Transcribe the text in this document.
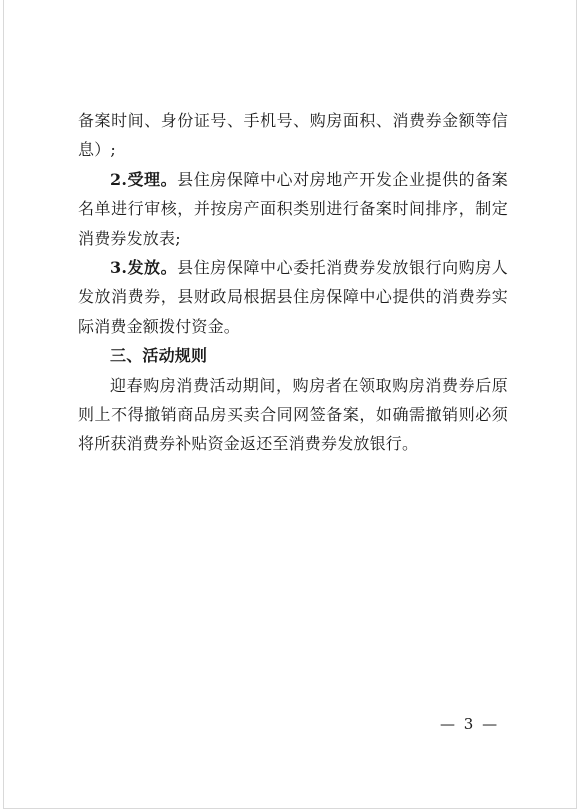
备案时间、身份证号、手机号、购房面积、消费券金额等信息）;

2.受理。县住房保障中心对房地产开发企业提供的备案名单进行审核，并按房产面积类别进行备案时间排序，制定消费券发放表;

3.发放。县住房保障中心委托消费券发放银行向购房人发放消费券，县财政局根据县住房保障中心提供的消费券实际消费金额拨付资金。

三、活动规则

迎春购房消费活动期间，购房者在领取购房消费券后原则上不得撤销商品房买卖合同网签备案，如确需撤销则必须将所获消费券补贴资金返还至消费券发放银行。

— 3 —
